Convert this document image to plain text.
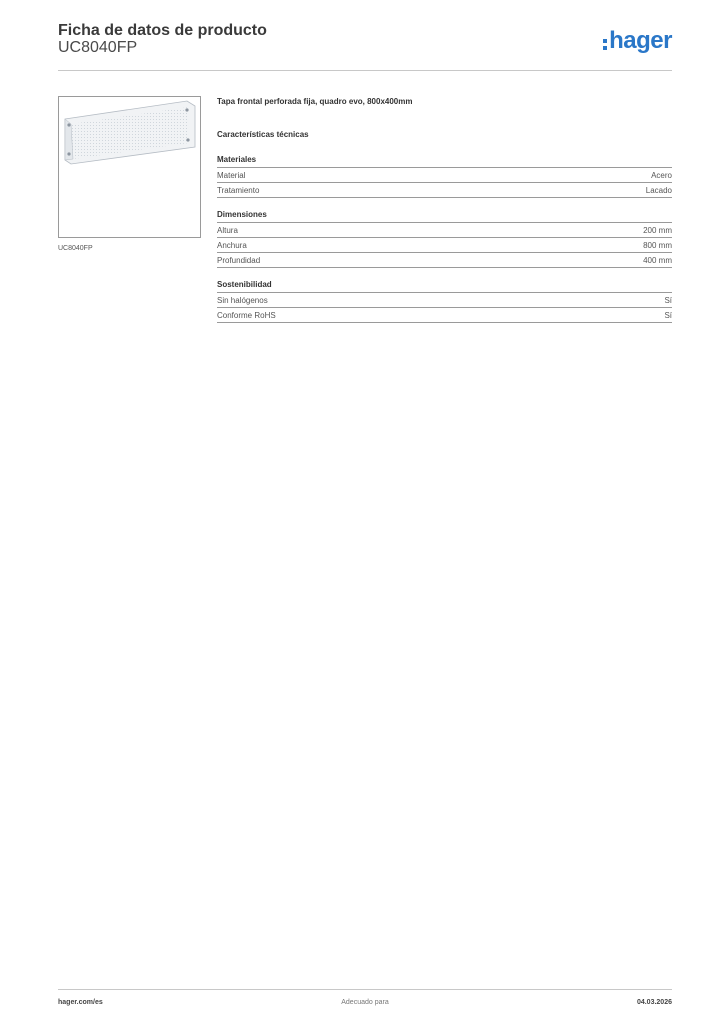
Ficha de datos de producto
UC8040FP	hager
UC8040FP
Tapa frontal perforada fija, quadro evo, 800x400mm
Características técnicas
Materiales
Material	Acero
Tratamiento	Lacado
Dimensiones
Altura	200 mm
Anchura	800 mm
Profundidad	400 mm
Sostenibilidad
Sin halógenos	Sí
Conforme RoHS	Sí
hager.com/es	Adecuado para	04.03.2026
